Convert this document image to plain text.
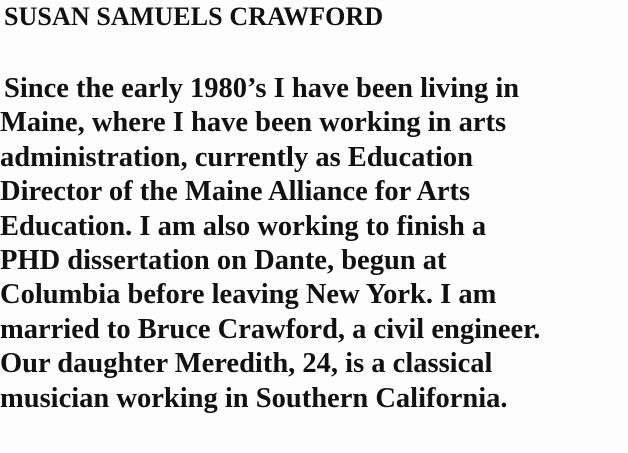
SUSAN SAMUELS CRAWFORD
Since the early 1980’s I have been living in
Maine, where I have been working in arts
administration, currently as Education
Director of the Maine Alliance for Arts
Education. I am also working to finish a
PHD dissertation on Dante, begun at
Columbia before leaving New York. I am
married to Bruce Crawford, a civil engineer.
Our daughter Meredith, 24, is a classical
musician working in Southern California.
